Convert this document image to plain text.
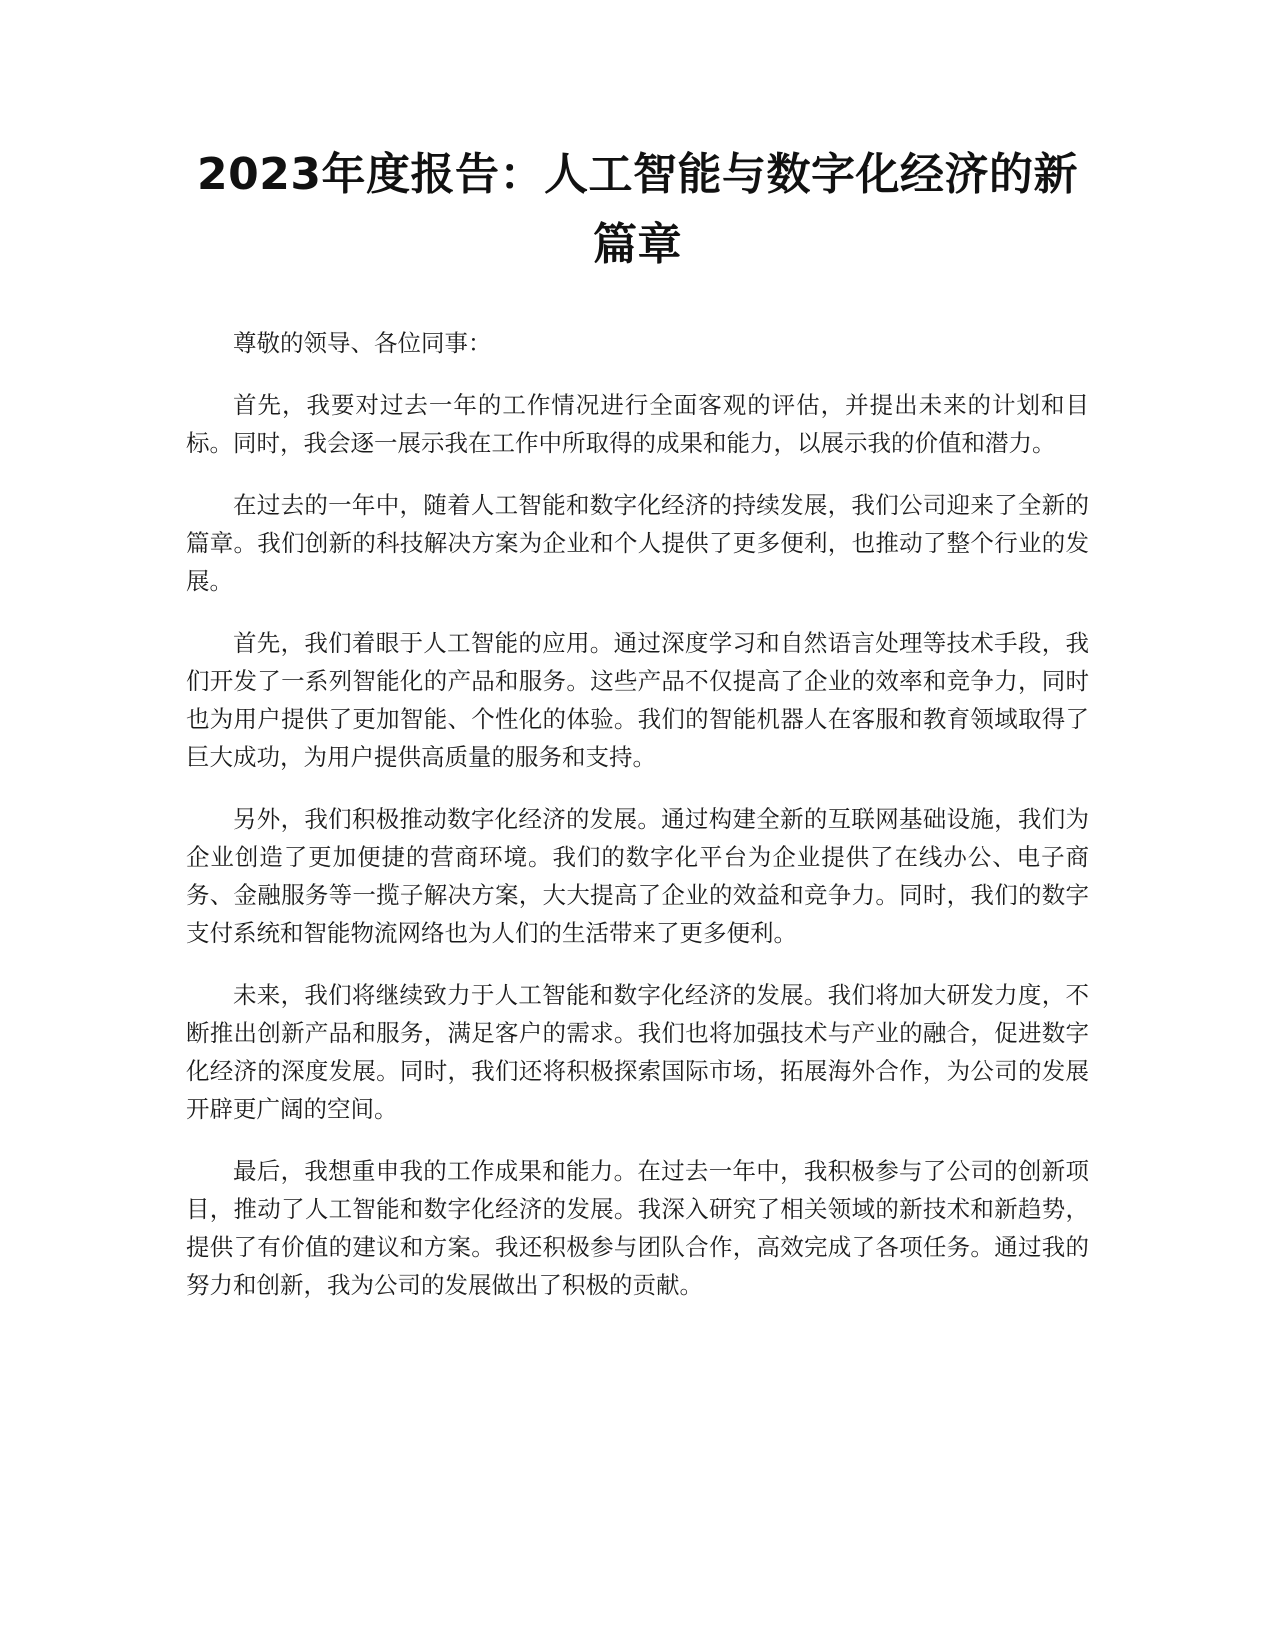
2023年度报告：人工智能与数字化经济的新篇章

尊敬的领导、各位同事：

首先，我要对过去一年的工作情况进行全面客观的评估，并提出未来的计划和目标。同时，我会逐一展示我在工作中所取得的成果和能力，以展示我的价值和潜力。

在过去的一年中，随着人工智能和数字化经济的持续发展，我们公司迎来了全新的篇章。我们创新的科技解决方案为企业和个人提供了更多便利，也推动了整个行业的发展。

首先，我们着眼于人工智能的应用。通过深度学习和自然语言处理等技术手段，我们开发了一系列智能化的产品和服务。这些产品不仅提高了企业的效率和竞争力，同时也为用户提供了更加智能、个性化的体验。我们的智能机器人在客服和教育领域取得了巨大成功，为用户提供高质量的服务和支持。

另外，我们积极推动数字化经济的发展。通过构建全新的互联网基础设施，我们为企业创造了更加便捷的营商环境。我们的数字化平台为企业提供了在线办公、电子商务、金融服务等一揽子解决方案，大大提高了企业的效益和竞争力。同时，我们的数字支付系统和智能物流网络也为人们的生活带来了更多便利。

未来，我们将继续致力于人工智能和数字化经济的发展。我们将加大研发力度，不断推出创新产品和服务，满足客户的需求。我们也将加强技术与产业的融合，促进数字化经济的深度发展。同时，我们还将积极探索国际市场，拓展海外合作，为公司的发展开辟更广阔的空间。

最后，我想重申我的工作成果和能力。在过去一年中，我积极参与了公司的创新项目，推动了人工智能和数字化经济的发展。我深入研究了相关领域的新技术和新趋势，提供了有价值的建议和方案。我还积极参与团队合作，高效完成了各项任务。通过我的努力和创新，我为公司的发展做出了积极的贡献。
